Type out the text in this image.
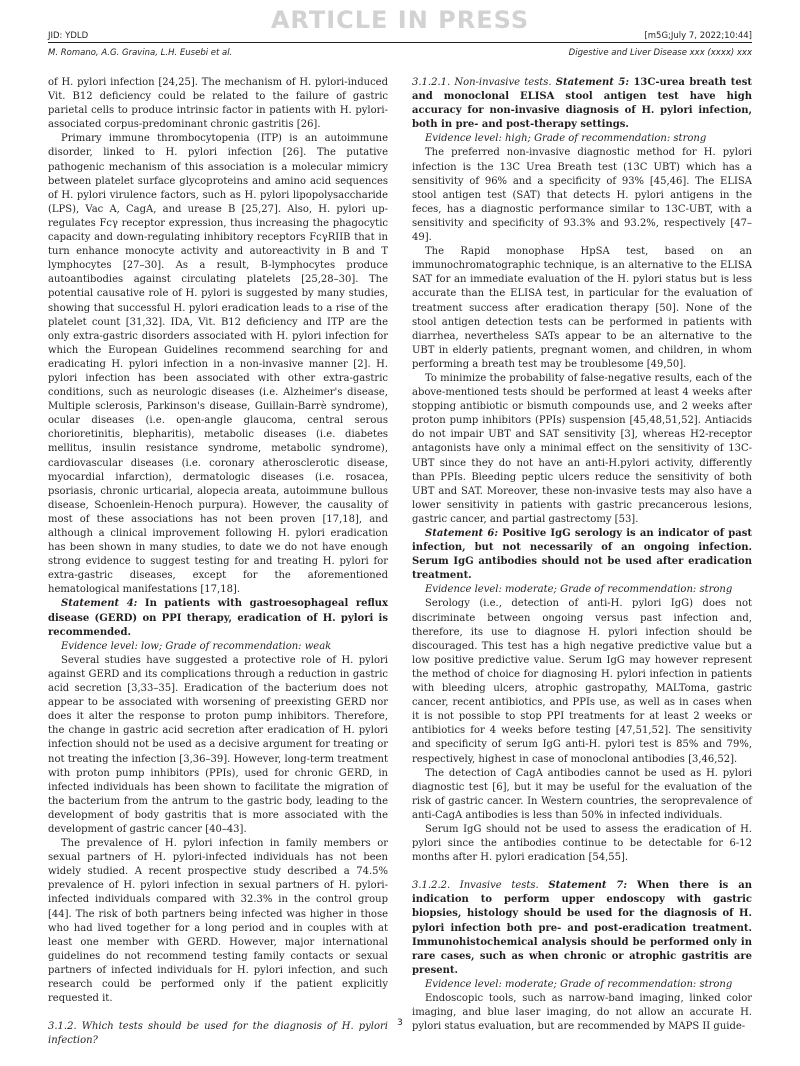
ARTICLE IN PRESS
JID: YDLD	[m5G;July 7, 2022;10:44]
M. Romano, A.G. Gravina, L.H. Eusebi et al.	Digestive and Liver Disease xxx (xxxx) xxx

of H. pylori infection [24,25]. The mechanism of H. pylori-induced Vit. B12 deficiency could be related to the failure of gastric parietal cells to produce intrinsic factor in patients with H. pylori-associated corpus-predominant chronic gastritis [26].

Primary immune thrombocytopenia (ITP) is an autoimmune disorder, linked to H. pylori infection [26]. The putative pathogenic mechanism of this association is a molecular mimicry between platelet surface glycoproteins and amino acid sequences of H. pylori virulence factors, such as H. pylori lipopolysaccharide (LPS), Vac A, CagA, and urease B [25,27]. Also, H. pylori up-regulates Fcγ receptor expression, thus increasing the phagocytic capacity and down-regulating inhibitory receptors FcγRIIB that in turn enhance monocyte activity and autoreactivity in B and T lymphocytes [27–30]. As a result, B-lymphocytes produce autoantibodies against circulating platelets [25,28–30]. The potential causative role of H. pylori is suggested by many studies, showing that successful H. pylori eradication leads to a rise of the platelet count [31,32]. IDA, Vit. B12 deficiency and ITP are the only extra-gastric disorders associated with H. pylori infection for which the European Guidelines recommend searching for and eradicating H. pylori infection in a non-invasive manner [2]. H. pylori infection has been associated with other extra-gastric conditions, such as neurologic diseases (i.e. Alzheimer's disease, Multiple sclerosis, Parkinson's disease, Guillain-Barrè syndrome), ocular diseases (i.e. open-angle glaucoma, central serous chorioretinitis, blepharitis), metabolic diseases (i.e. diabetes mellitus, insulin resistance syndrome, metabolic syndrome), cardiovascular diseases (i.e. coronary atherosclerotic disease, myocardial infarction), dermatologic diseases (i.e. rosacea, psoriasis, chronic urticarial, alopecia areata, autoimmune bullous disease, Schoenlein-Henoch purpura). However, the causality of most of these associations has not been proven [17,18], and although a clinical improvement following H. pylori eradication has been shown in many studies, to date we do not have enough strong evidence to suggest testing for and treating H. pylori for extra-gastric diseases, except for the aforementioned hematological manifestations [17,18].

Statement 4: In patients with gastroesophageal reflux disease (GERD) on PPI therapy, eradication of H. pylori is recommended.

Evidence level: low; Grade of recommendation: weak

Several studies have suggested a protective role of H. pylori against GERD and its complications through a reduction in gastric acid secretion [3,33–35]. Eradication of the bacterium does not appear to be associated with worsening of preexisting GERD nor does it alter the response to proton pump inhibitors. Therefore, the change in gastric acid secretion after eradication of H. pylori infection should not be used as a decisive argument for treating or not treating the infection [3,36–39]. However, long-term treatment with proton pump inhibitors (PPIs), used for chronic GERD, in infected individuals has been shown to facilitate the migration of the bacterium from the antrum to the gastric body, leading to the development of body gastritis that is more associated with the development of gastric cancer [40–43].

The prevalence of H. pylori infection in family members or sexual partners of H. pylori-infected individuals has not been widely studied. A recent prospective study described a 74.5% prevalence of H. pylori infection in sexual partners of H. pylori-infected individuals compared with 32.3% in the control group [44]. The risk of both partners being infected was higher in those who had lived together for a long period and in couples with at least one member with GERD. However, major international guidelines do not recommend testing family contacts or sexual partners of infected individuals for H. pylori infection, and such research could be performed only if the patient explicitly requested it.

3.1.2. Which tests should be used for the diagnosis of H. pylori infection?

3.1.2.1. Non-invasive tests. Statement 5: 13C-urea breath test and monoclonal ELISA stool antigen test have high accuracy for non-invasive diagnosis of H. pylori infection, both in pre- and post-therapy settings.

Evidence level: high; Grade of recommendation: strong

The preferred non-invasive diagnostic method for H. pylori infection is the 13C Urea Breath test (13C UBT) which has a sensitivity of 96% and a specificity of 93% [45,46]. The ELISA stool antigen test (SAT) that detects H. pylori antigens in the feces, has a diagnostic performance similar to 13C-UBT, with a sensitivity and specificity of 93.3% and 93.2%, respectively [47–49].

The Rapid monophase HpSA test, based on an immunochromatographic technique, is an alternative to the ELISA SAT for an immediate evaluation of the H. pylori status but is less accurate than the ELISA test, in particular for the evaluation of treatment success after eradication therapy [50]. None of the stool antigen detection tests can be performed in patients with diarrhea, nevertheless SATs appear to be an alternative to the UBT in elderly patients, pregnant women, and children, in whom performing a breath test may be troublesome [49,50].

To minimize the probability of false-negative results, each of the above-mentioned tests should be performed at least 4 weeks after stopping antibiotic or bismuth compounds use, and 2 weeks after proton pump inhibitors (PPIs) suspension [45,48,51,52]. Antiacids do not impair UBT and SAT sensitivity [3], whereas H2-receptor antagonists have only a minimal effect on the sensitivity of 13C-UBT since they do not have an anti-H.pylori activity, differently than PPIs. Bleeding peptic ulcers reduce the sensitivity of both UBT and SAT. Moreover, these non-invasive tests may also have a lower sensitivity in patients with gastric precancerous lesions, gastric cancer, and partial gastrectomy [53].

Statement 6: Positive IgG serology is an indicator of past infection, but not necessarily of an ongoing infection. Serum IgG antibodies should not be used after eradication treatment.

Evidence level: moderate; Grade of recommendation: strong

Serology (i.e., detection of anti-H. pylori IgG) does not discriminate between ongoing versus past infection and, therefore, its use to diagnose H. pylori infection should be discouraged. This test has a high negative predictive value but a low positive predictive value. Serum IgG may however represent the method of choice for diagnosing H. pylori infection in patients with bleeding ulcers, atrophic gastropathy, MALToma, gastric cancer, recent antibiotics, and PPIs use, as well as in cases when it is not possible to stop PPI treatments for at least 2 weeks or antibiotics for 4 weeks before testing [47,51,52]. The sensitivity and specificity of serum IgG anti-H. pylori test is 85% and 79%, respectively, highest in case of monoclonal antibodies [3,46,52].

The detection of CagA antibodies cannot be used as H. pylori diagnostic test [6], but it may be useful for the evaluation of the risk of gastric cancer. In Western countries, the seroprevalence of anti-CagA antibodies is less than 50% in infected individuals.

Serum IgG should not be used to assess the eradication of H. pylori since the antibodies continue to be detectable for 6-12 months after H. pylori eradication [54,55].

3.1.2.2. Invasive tests. Statement 7: When there is an indication to perform upper endoscopy with gastric biopsies, histology should be used for the diagnosis of H. pylori infection both pre- and post-eradication treatment. Immunohistochemical analysis should be performed only in rare cases, such as when chronic or atrophic gastritis are present.

Evidence level: moderate; Grade of recommendation: strong

Endoscopic tools, such as narrow-band imaging, linked color imaging, and blue laser imaging, do not allow an accurate H. pylori status evaluation, but are recommended by MAPS II guide-

3
